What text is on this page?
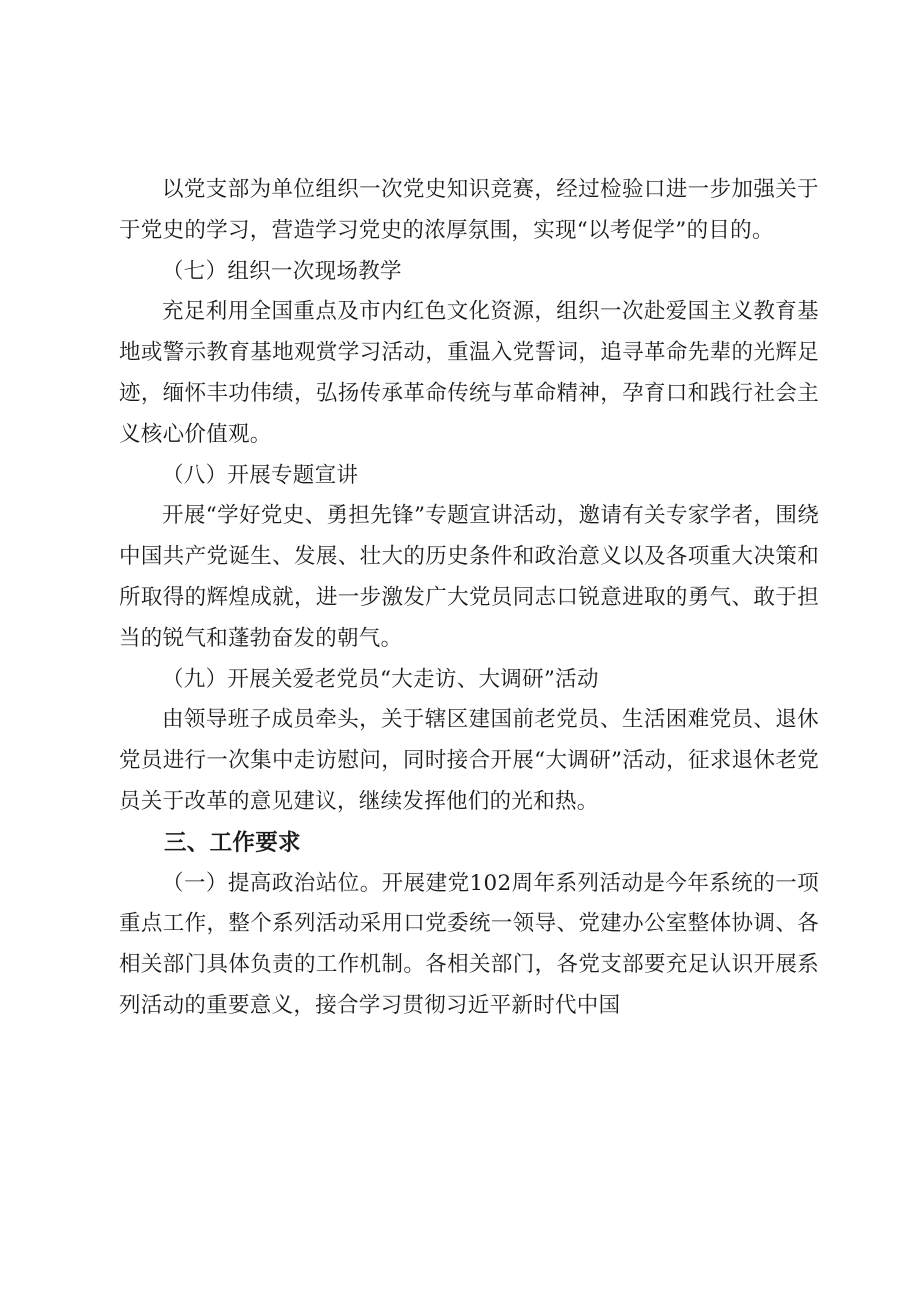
以党支部为单位组织一次党史知识竞赛，经过检验口进一步加强关于于党史的学习，营造学习党史的浓厚氛围，实现“以考促学”的目的。

（七）组织一次现场教学

充足利用全国重点及市内红色文化资源，组织一次赴爱国主义教育基地或警示教育基地观赏学习活动，重温入党誓词，追寻革命先辈的光辉足迹，缅怀丰功伟绩，弘扬传承革命传统与革命精神，孕育口和践行社会主义核心价值观。

（八）开展专题宣讲

开展“学好党史、勇担先锋”专题宣讲活动，邀请有关专家学者，围绕中国共产党诞生、发展、壮大的历史条件和政治意义以及各项重大决策和所取得的辉煌成就，进一步激发广大党员同志口锐意进取的勇气、敢于担当的锐气和蓬勃奋发的朝气。

（九）开展关爱老党员“大走访、大调研”活动

由领导班子成员牵头，关于辖区建国前老党员、生活困难党员、退休党员进行一次集中走访慰问，同时接合开展“大调研”活动，征求退休老党员关于改革的意见建议，继续发挥他们的光和热。

三、工作要求

（一）提高政治站位。开展建党102周年系列活动是今年系统的一项重点工作，整个系列活动采用口党委统一领导、党建办公室整体协调、各相关部门具体负责的工作机制。各相关部门，各党支部要充足认识开展系列活动的重要意义，接合学习贯彻习近平新时代中国
